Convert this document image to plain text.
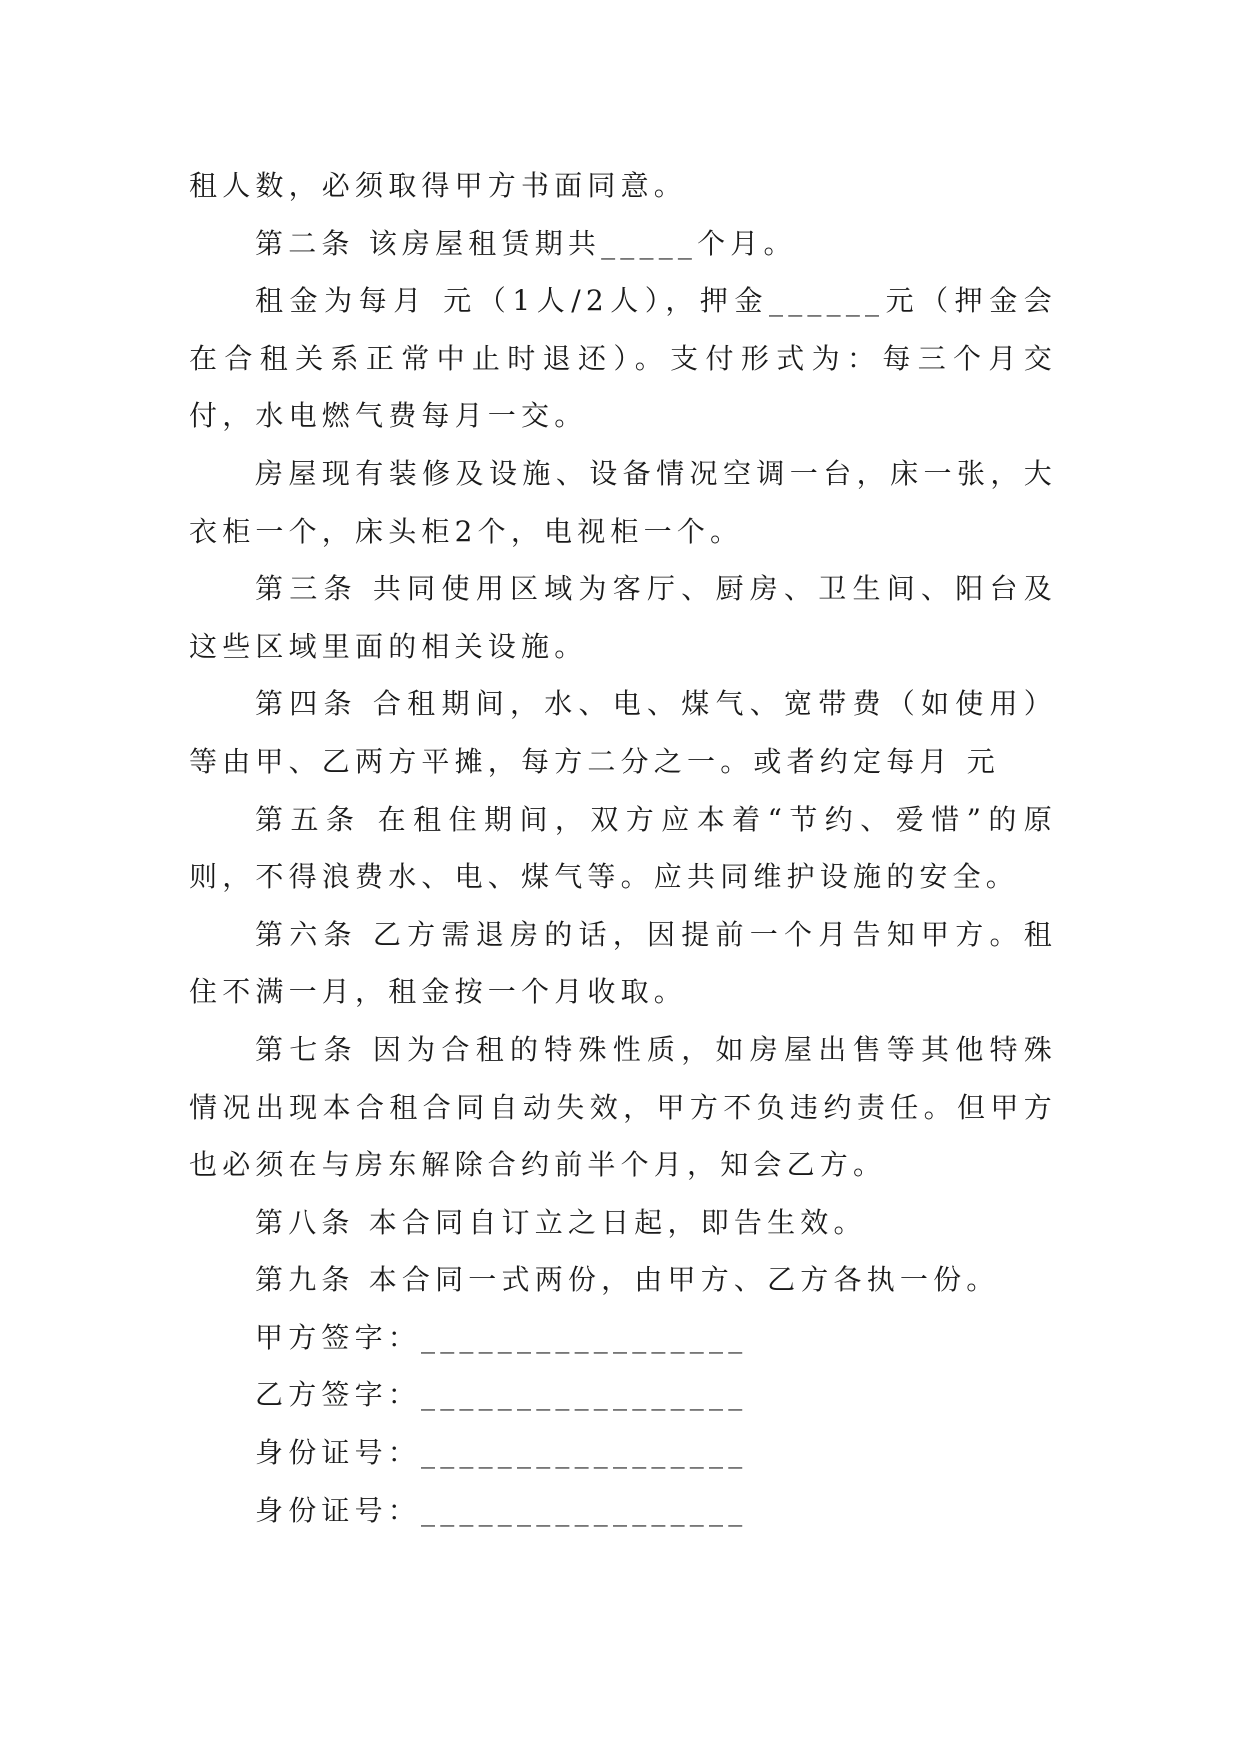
租人数，必须取得甲方书面同意。

第二条 该房屋租赁期共_____个月。

租金为每月 元（1人/2人），押金______元（押金会在合租关系正常中止时退还）。支付形式为：每三个月交付，水电燃气费每月一交。

房屋现有装修及设施、设备情况空调一台，床一张，大衣柜一个，床头柜2个，电视柜一个。

第三条 共同使用区域为客厅、厨房、卫生间、阳台及这些区域里面的相关设施。

第四条 合租期间，水、电、煤气、宽带费（如使用）等由甲、乙两方平摊，每方二分之一。或者约定每月 元

第五条 在租住期间，双方应本着“节约、爱惜”的原则，不得浪费水、电、煤气等。应共同维护设施的安全。

第六条 乙方需退房的话，因提前一个月告知甲方。租住不满一月，租金按一个月收取。

第七条 因为合租的特殊性质，如房屋出售等其他特殊情况出现本合租合同自动失效，甲方不负违约责任。但甲方也必须在与房东解除合约前半个月，知会乙方。

第八条 本合同自订立之日起，即告生效。

第九条 本合同一式两份，由甲方、乙方各执一份。

甲方签字：_________________

乙方签字：_________________

身份证号：_________________

身份证号：_________________
